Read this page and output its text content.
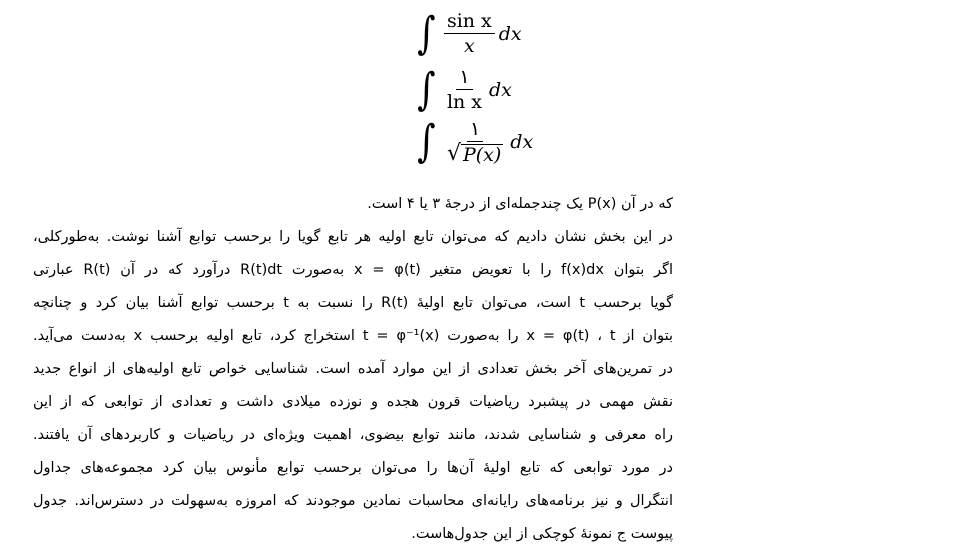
∫ $\frac{\text{sin x}}{x}$ dx
∫ $\frac{۱}{\text{ln x}}$ dx
∫ $\frac{۱}{√ P(x)}$ dx
که در آن P(x) یک چندجمله‌ای از درجهٔ ۳ یا ۴ است.
در این بخش نشان دادیم که می‌توان تابع اولیه هر تابع گویا را برحسب توابع آشنا نوشت. به‌طورکلی،
اگر بتوان f(x)dx را با تعویض متغیر x = φ(t) به‌صورت R(t)dt درآورد که در آن R(t) عبارتی
گویا برحسب t است، می‌توان تابع اولیهٔ R(t) را نسبت به t برحسب توابع آشنا بیان کرد و چنانچه
بتوان از x = φ(t) ، t را به‌صورت t = φ⁻¹(x) استخراج کرد، تابع اولیه برحسب x به‌دست می‌آید.
در تمرین‌های آخر بخش تعدادی از این موارد آمده است. شناسایی خواص تابع اولیه‌های از انواع جدید
نقش مهمی در پیشبرد ریاضیات قرون هجده و نوزده میلادی داشت و تعدادی از توابعی که از این
راه معرفی و شناسایی شدند، مانند توابع بیضوی، اهمیت ویژه‌ای در ریاضیات و کاربردهای آن یافتند.
در مورد توابعی که تابع اولیهٔ آن‌ها را می‌توان برحسب توابع مأنوس بیان کرد مجموعه‌های جداول
انتگرال و نیز برنامه‌های رایانه‌ای محاسبات نمادین موجودند که امروزه به‌سهولت در دسترس‌اند. جدول
پیوست ج نمونهٔ کوچکی از این جدول‌هاست.
